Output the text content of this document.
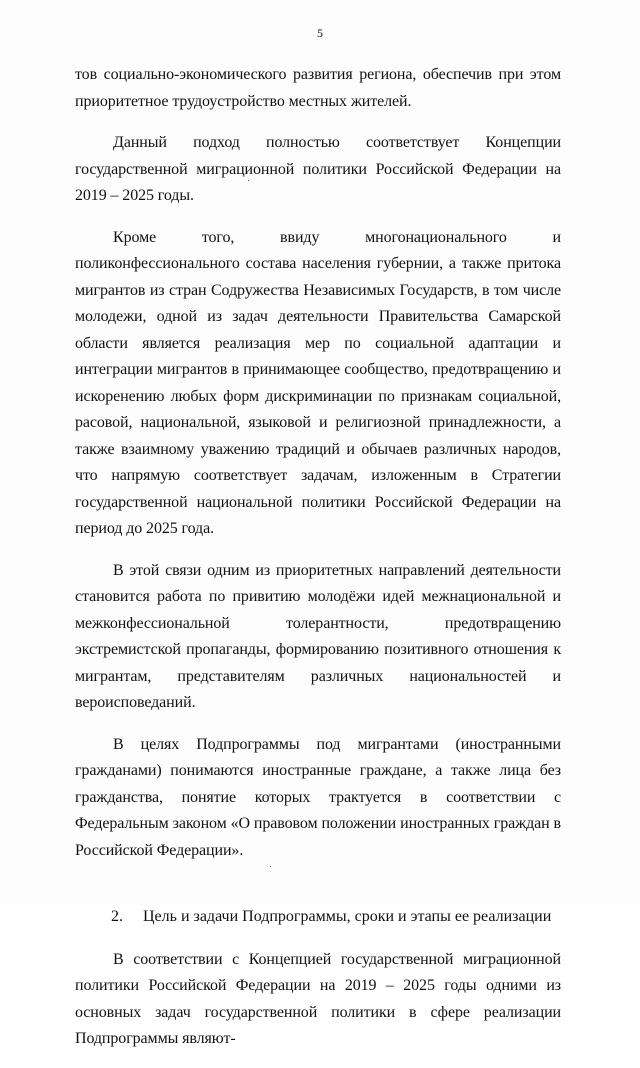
5

тов социально-экономического развития региона, обеспечив при этом приоритетное трудоустройство местных жителей.

Данный подход полностью соответствует Концепции государственной миграционной политики Российской Федерации на 2019 – 2025 годы.

Кроме того, ввиду многонационального и поликонфессионального состава населения губернии, а также притока мигрантов из стран Содружества Независимых Государств, в том числе молодежи, одной из задач деятельности Правительства Самарской области является реализация мер по социальной адаптации и интеграции мигрантов в принимающее сообщество, предотвращению и искоренению любых форм дискриминации по признакам социальной, расовой, национальной, языковой и религиозной принадлежности, а также взаимному уважению традиций и обычаев различных народов, что напрямую соответствует задачам, изложенным в Стратегии государственной национальной политики Российской Федерации на период до 2025 года.

В этой связи одним из приоритетных направлений деятельности становится работа по привитию молодёжи идей межнациональной и межконфессиональной толерантности, предотвращению экстремистской пропаганды, формированию позитивного отношения к мигрантам, представителям различных национальностей и вероисповеданий.

В целях Подпрограммы под мигрантами (иностранными гражданами) понимаются иностранные граждане, а также лица без гражданства, понятие которых трактуется в соответствии с Федеральным законом «О правовом положении иностранных граждан в Российской Федерации».

2. Цель и задачи Подпрограммы, сроки и этапы ее реализации

В соответствии с Концепцией государственной миграционной политики Российской Федерации на 2019 – 2025 годы одними из основных задач государственной политики в сфере реализации Подпрограммы являют-
